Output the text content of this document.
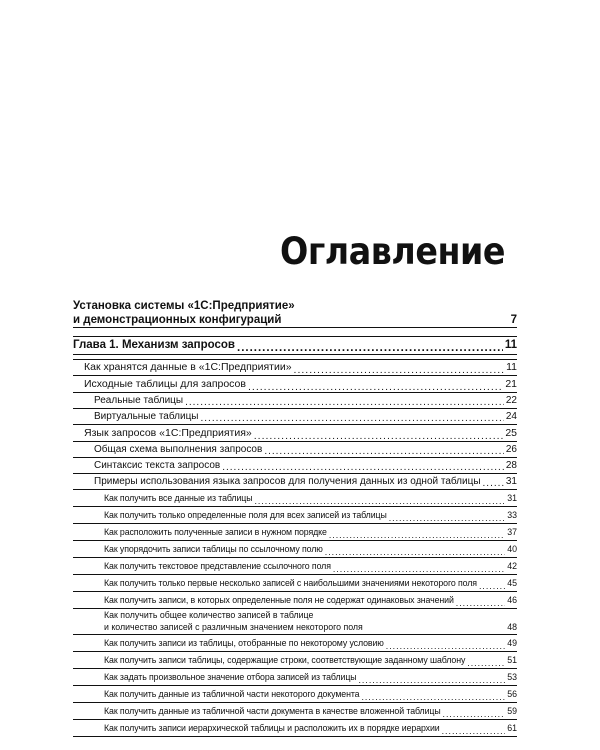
Оглавление
Установка системы «1С:Предприятие»
и демонстрационных конфигураций	7
Глава 1. Механизм запросов .....	11
Как хранятся данные в «1С:Предприятии» .....	11
Исходные таблицы для запросов .....	21
Реальные таблицы .....	22
Виртуальные таблицы .....	24
Язык запросов «1С:Предприятия» .....	25
Общая схема выполнения запросов .....	26
Синтаксис текста запросов .....	28
Примеры использования языка запросов для получения данных из одной таблицы .....	31
Как получить все данные из таблицы .....	31
Как получить только определенные поля для всех записей из таблицы .....	33
Как расположить полученные записи в нужном порядке .....	37
Как упорядочить записи таблицы по ссылочному полю .....	40
Как получить текстовое представление ссылочного поля .....	42
Как получить только первые несколько записей с наибольшими значениями некоторого поля .....	45
Как получить записи, в которых определенные поля не содержат одинаковых значений .....	46
Как получить общее количество записей в таблице
и количество записей с различным значением некоторого поля	48
Как получить записи из таблицы, отобранные по некоторому условию .....	49
Как получить записи таблицы, содержащие строки, соответствующие заданному шаблону .....	51
Как задать произвольное значение отбора записей из таблицы .....	53
Как получить данные из табличной части некоторого документа .....	56
Как получить данные из табличной части документа в качестве вложенной таблицы .....	59
Как получить записи иерархической таблицы и расположить их в порядке иерархии .....	61
